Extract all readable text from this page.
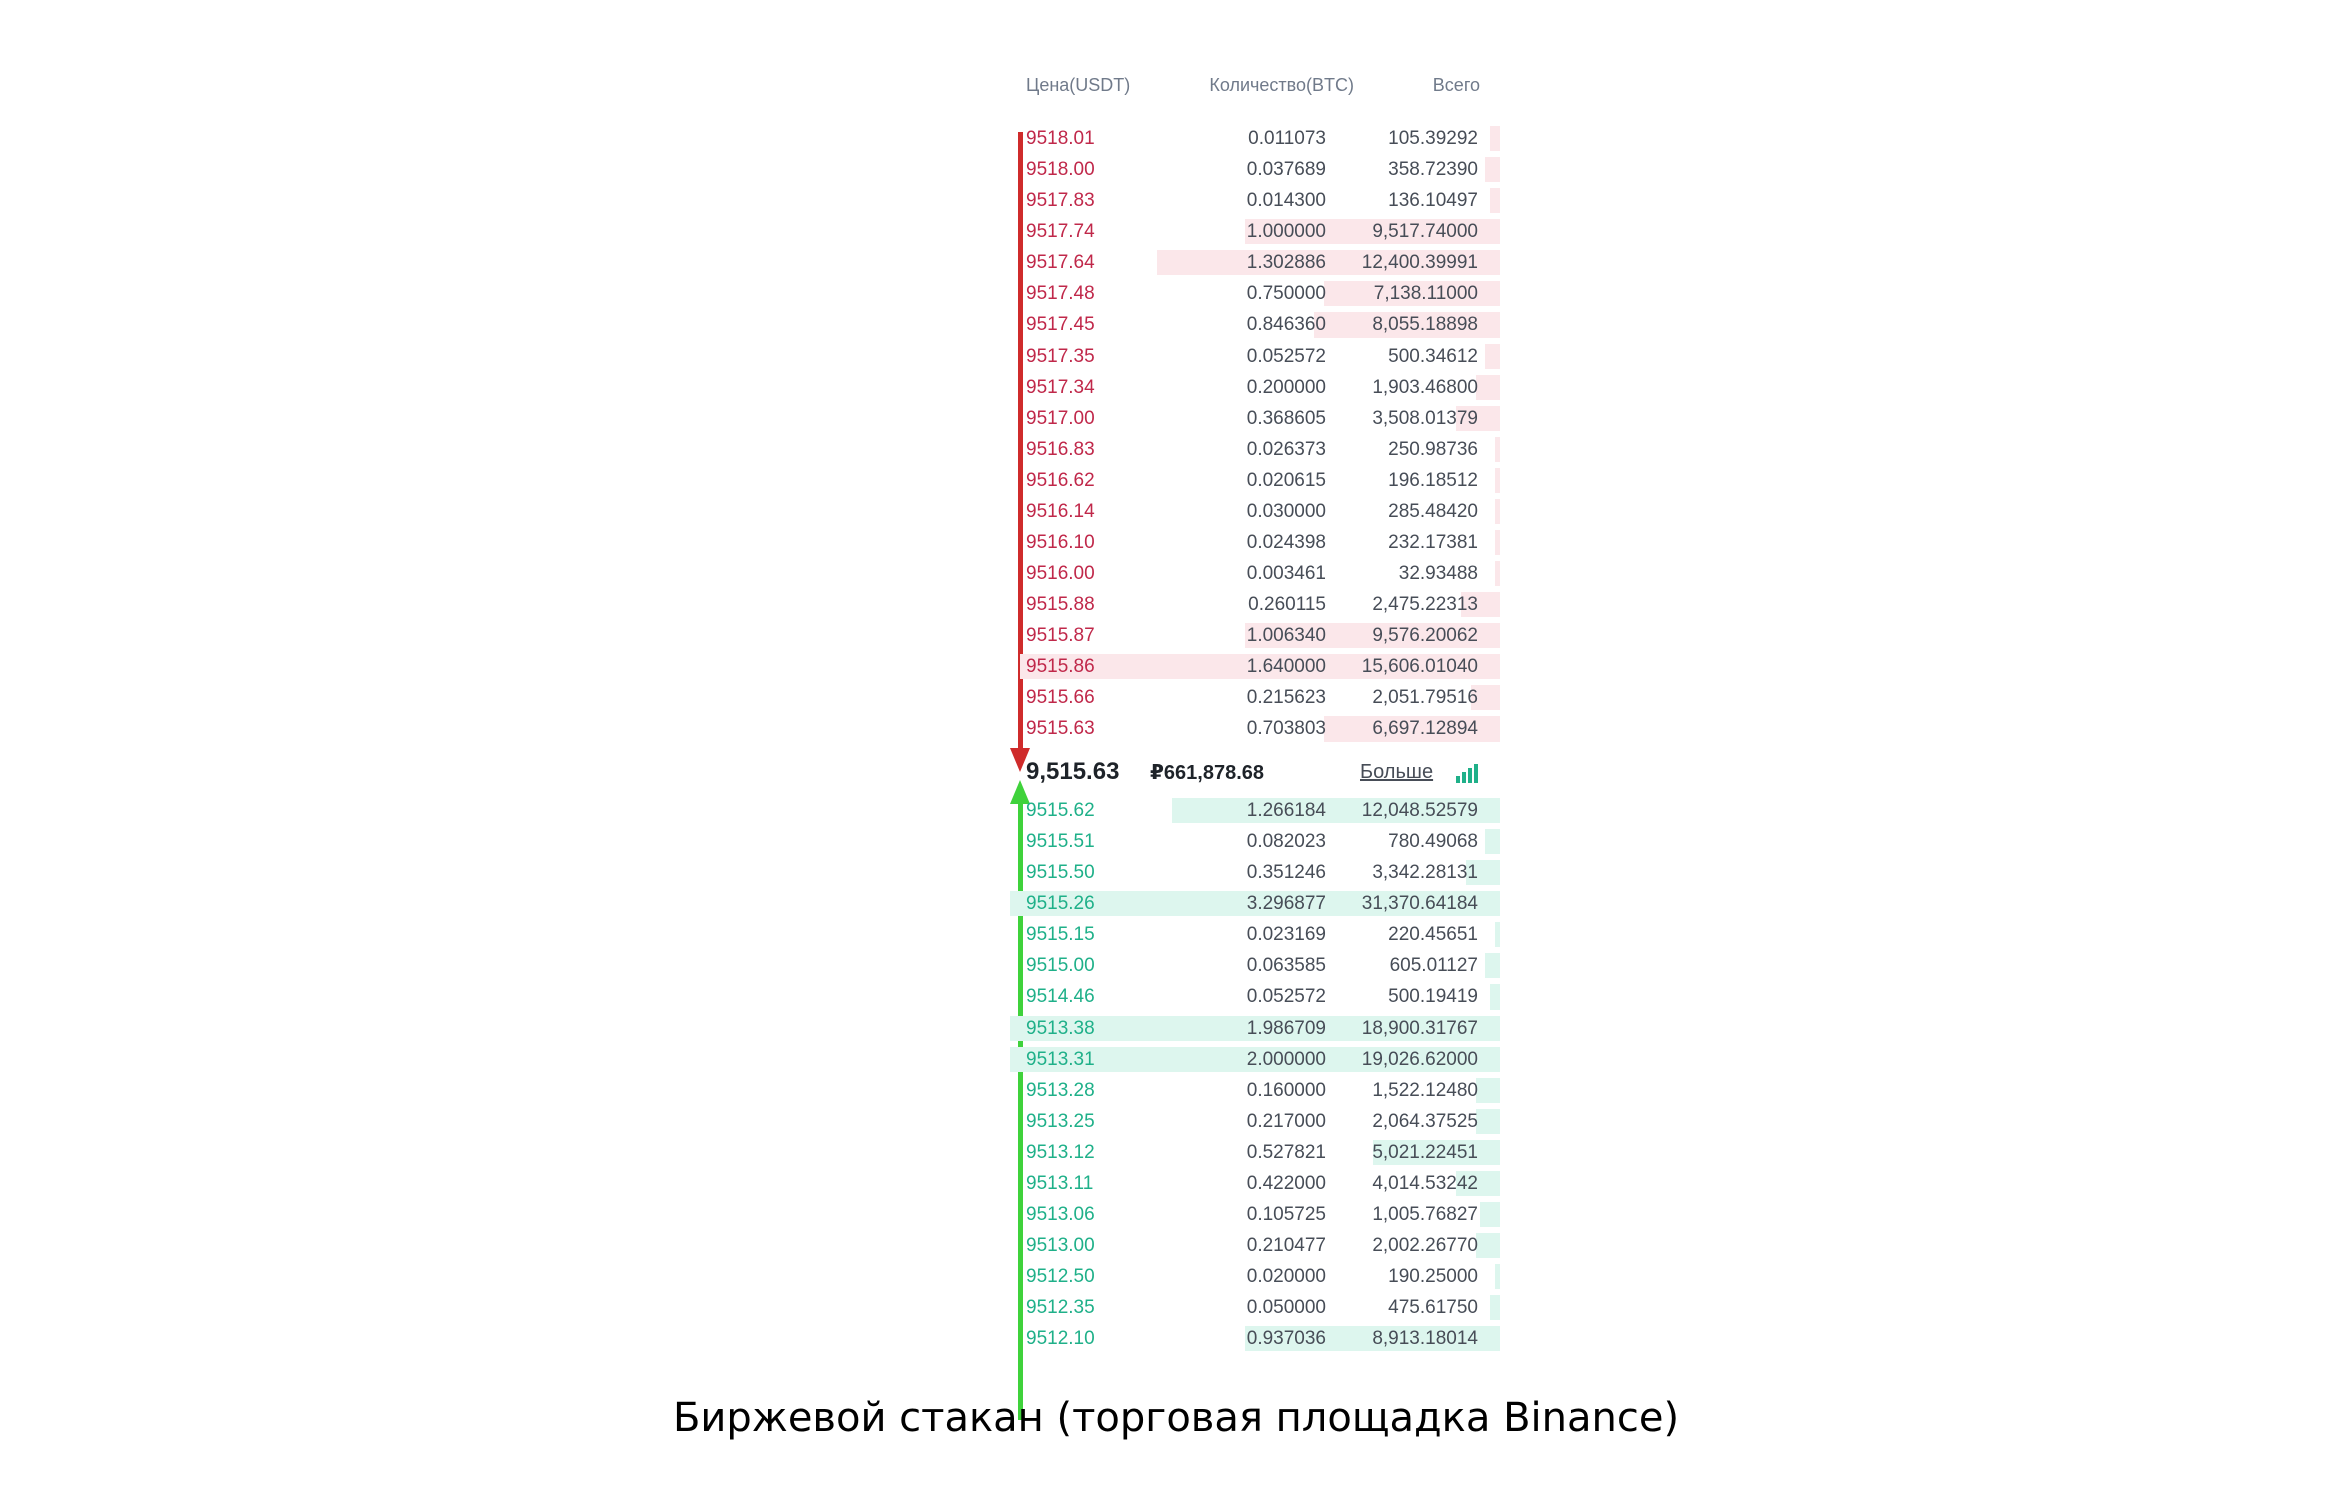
Цена(USDT)	Количество(BTC)	Всего
9518.01	0.011073	105.39292
9518.00	0.037689	358.72390
9517.83	0.014300	136.10497
9517.74	1.000000 9,517.74000
9517.64	1.302886 12,400.39991
9517.48	0.750000	7,138.11000
9517.45	0.846360 8,055.18898
9517.35	0.052572	500.34612
9517.34	0.200000 1,903.46800
9517.00	0.368605 3,508.01379
9516.83	0.026373	250.98736
9516.62	0.020615	196.18512
9516.14	0.030000	285.48420
9516.10	0.024398	232.17381
9516.00	0.003461	32.93488
9515.88	0.260115 2,475.22313
9515.87	1.006340 9,576.20062
9515.86	1.640000 15,606.01040
9515.66	0.215623 2,051.79516
9515.63	0.703803 6,697.12894
9,515.63 ₽661,878.68	Больше
9515.62	1.266184 12,048.52579
9515.51	0.082023	780.49068
9515.50	0.351246 3,342.28131
9515.26	3.296877 31,370.64184
9515.15	0.023169	220.45651
9515.00	0.063585	605.01127
9514.46	0.052572	500.19419
9513.38	1.986709 18,900.31767
9513.31	2.000000 19,026.62000
9513.28	0.160000 1,522.12480
9513.25	0.217000 2,064.37525
9513.12	0.527821 5,021.22451
9513.11	0.422000 4,014.53242
9513.06	0.105725 1,005.76827
9513.00	0.210477 2,002.26770
9512.50	0.020000	190.25000
9512.35	0.050000	475.61750
9512.10	0.937036 8,913.18014
Биржевой стакан (торговая площадка Binance)
